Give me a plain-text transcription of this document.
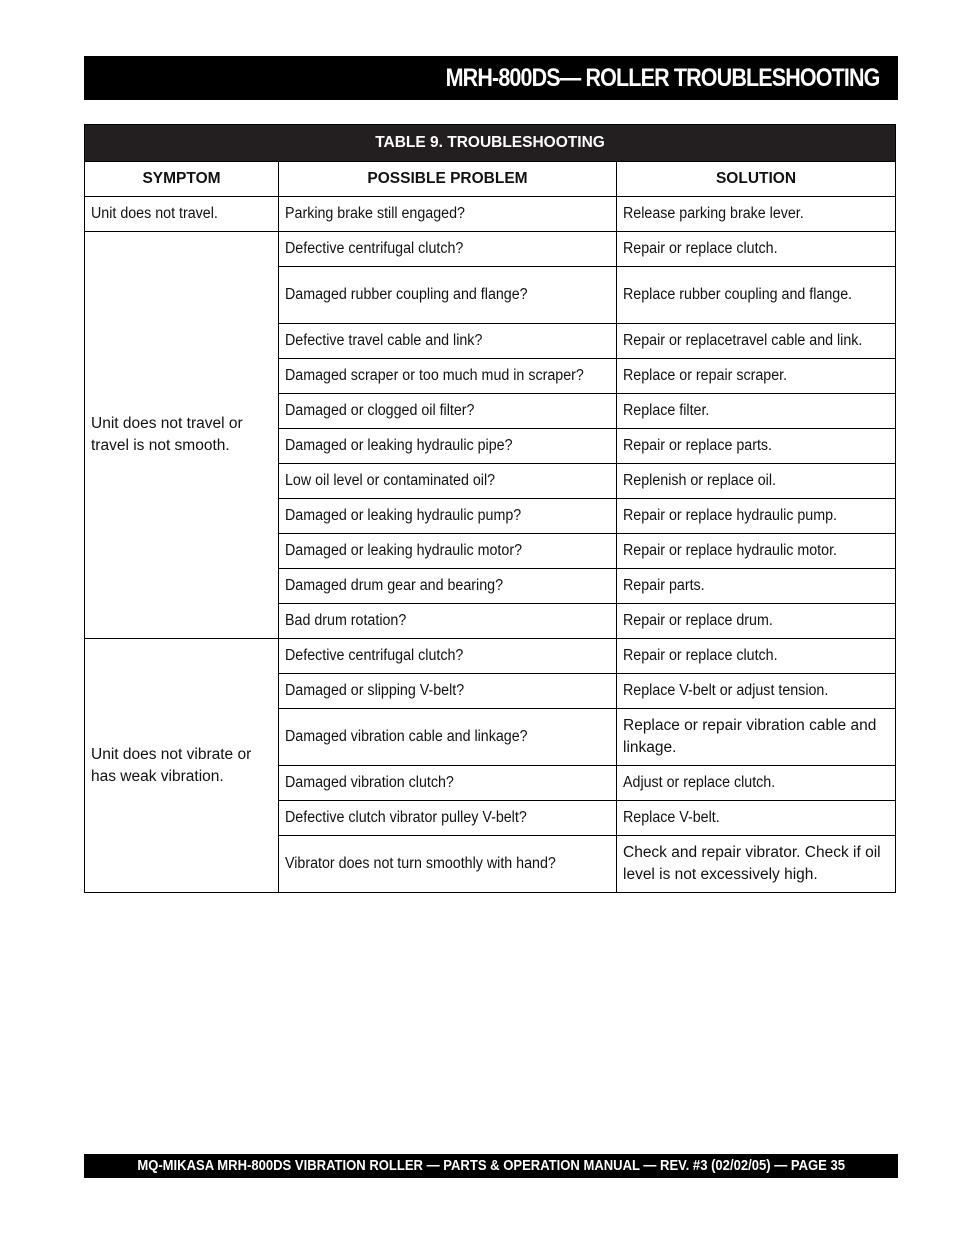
MRH-800DS— ROLLER TROUBLESHOOTING
TABLE 9. TROUBLESHOOTING		
SYMPTOM	POSSIBLE PROBLEM	SOLUTION
Unit does not travel.	Parking brake still engaged?	Release parking brake lever.

Unit does not travel or travel is not smooth.	Defective centrifugal clutch?	Repair or replace clutch.
	Damaged rubber coupling and flange?	Replace rubber coupling and flange.
	Defective travel cable and link?	Repair or replacetravel cable and link.
	Damaged scraper or too much mud in scraper?	Replace or repair scraper.
	Damaged or clogged oil filter?	Replace filter.
	Damaged or leaking hydraulic pipe?	Repair or replace parts.
	Low oil level or contaminated oil?	Replenish or replace oil.
	Damaged or leaking hydraulic pump?	Repair or replace hydraulic pump.
	Damaged or leaking hydraulic motor?	Repair or replace hydraulic motor.
	Damaged drum gear and bearing?	Repair parts.
	Bad drum rotation?	Repair or replace drum.

Unit does not vibrate or has weak vibration.	Defective centrifugal clutch?	Repair or replace clutch.
	Damaged or slipping V-belt?	Replace V-belt or adjust tension.
	Damaged vibration cable and linkage?	Replace or repair vibration cable and linkage.

	Damaged vibration clutch?	Adjust or replace clutch.
	Defective clutch vibrator pulley V-belt?	Replace V-belt.
	Vibrator does not turn smoothly with hand?	Check and repair vibrator. Check if oil level is not excessively high.
MQ-MIKASA MRH-800DS VIBRATION ROLLER — PARTS & OPERATION MANUAL — REV. #3 (02/02/05) — PAGE 35
